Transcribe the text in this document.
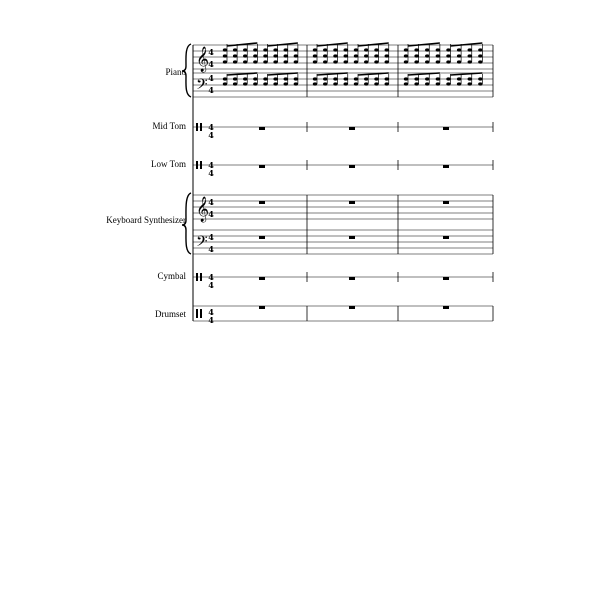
Piano
Mid Tom
Low Tom
Keyboard Synthesizer
Cymbal
Drumset
𝄞
𝄢
𝄞
𝄢
4
4
4
4
4
4
4
4
4
4
4
4
4
4
4
4
